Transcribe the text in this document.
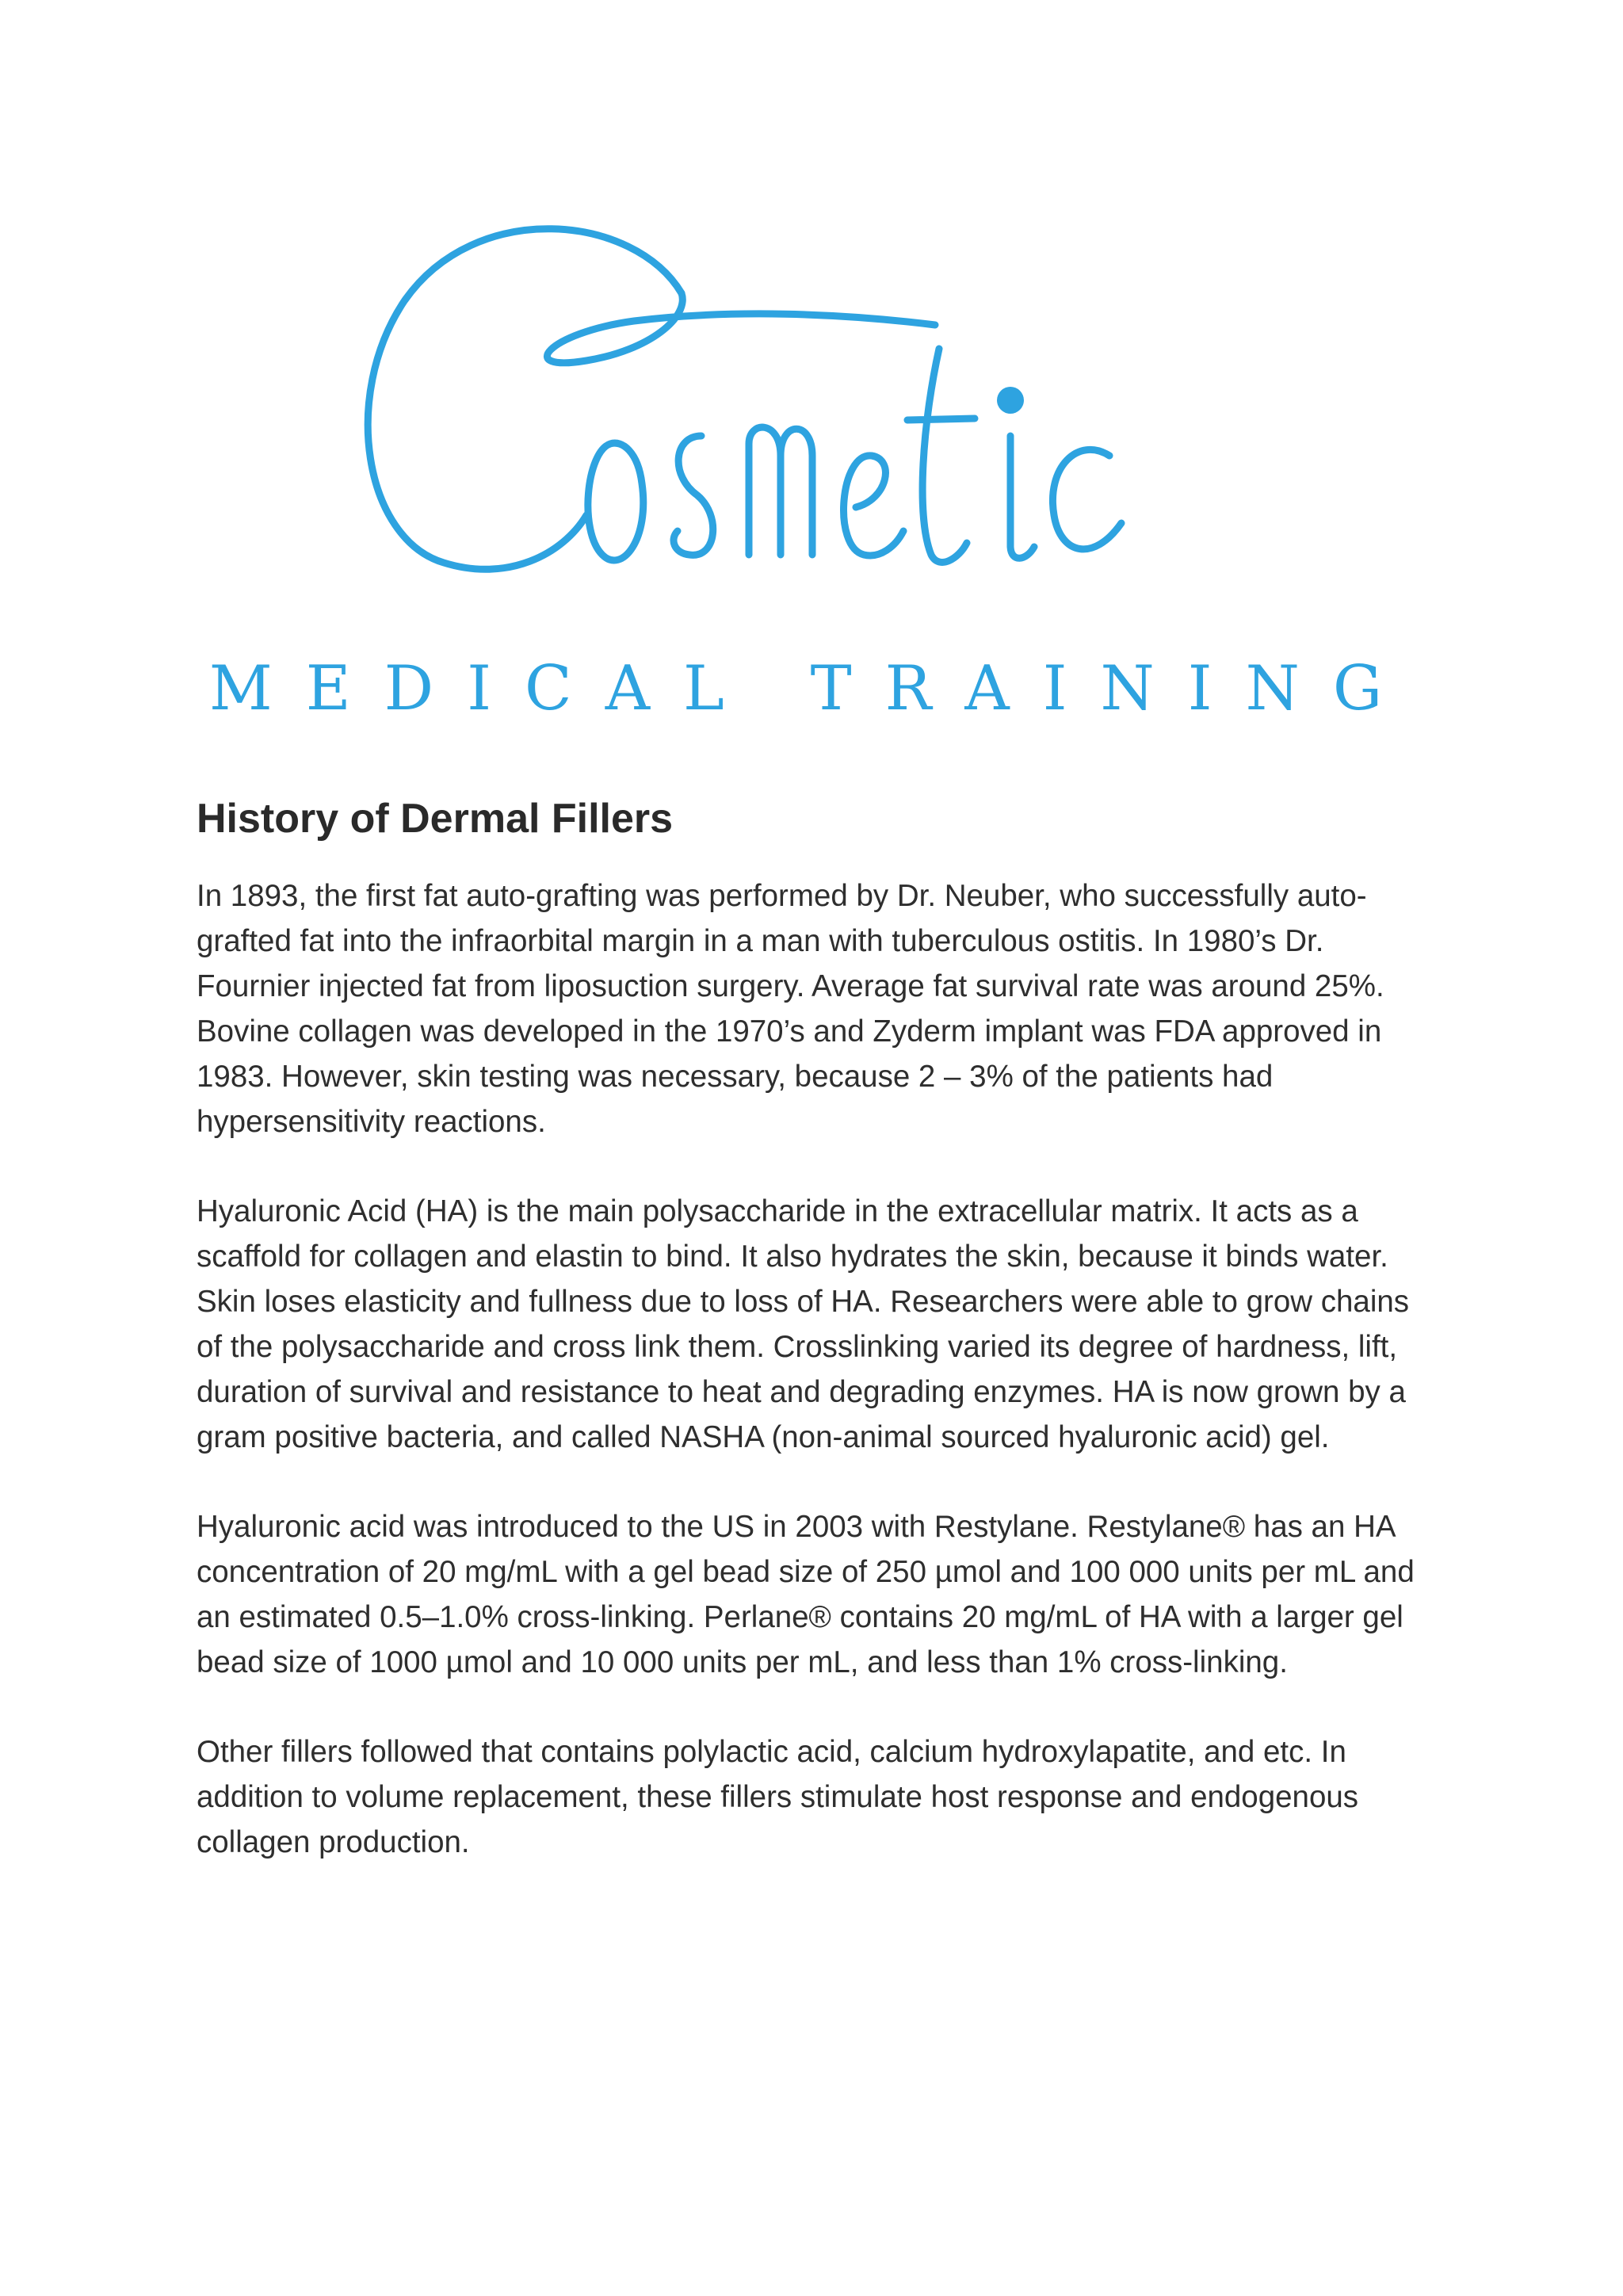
MEDICAL TRAINING
History of Dermal Fillers

In 1893, the first fat auto-grafting was performed by Dr. Neuber, who successfully auto-grafted fat into the infraorbital margin in a man with tuberculous ostitis. In 1980’s Dr. Fournier injected fat from liposuction surgery. Average fat survival rate was around 25%. Bovine collagen was developed in the 1970’s and Zyderm implant was FDA approved in 1983. However, skin testing was necessary, because 2 – 3% of the patients had hypersensitivity reactions.

Hyaluronic Acid (HA) is the main polysaccharide in the extracellular matrix. It acts as a scaffold for collagen and elastin to bind. It also hydrates the skin, because it binds water. Skin loses elasticity and fullness due to loss of HA. Researchers were able to grow chains of the polysaccharide and cross link them. Crosslinking varied its degree of hardness, lift, duration of survival and resistance to heat and degrading enzymes. HA is now grown by a gram positive bacteria, and called NASHA (non-animal sourced hyaluronic acid) gel.

Hyaluronic acid was introduced to the US in 2003 with Restylane. Restylane® has an HA concentration of 20 mg/mL with a gel bead size of 250 µmol and 100 000 units per mL and an estimated 0.5–1.0% cross-linking. Perlane® contains 20 mg/mL of HA with a larger gel bead size of 1000 µmol and 10 000 units per mL, and less than 1% cross-linking.

Other fillers followed that contains polylactic acid, calcium hydroxylapatite, and etc. In addition to volume replacement, these fillers stimulate host response and endogenous collagen production.
